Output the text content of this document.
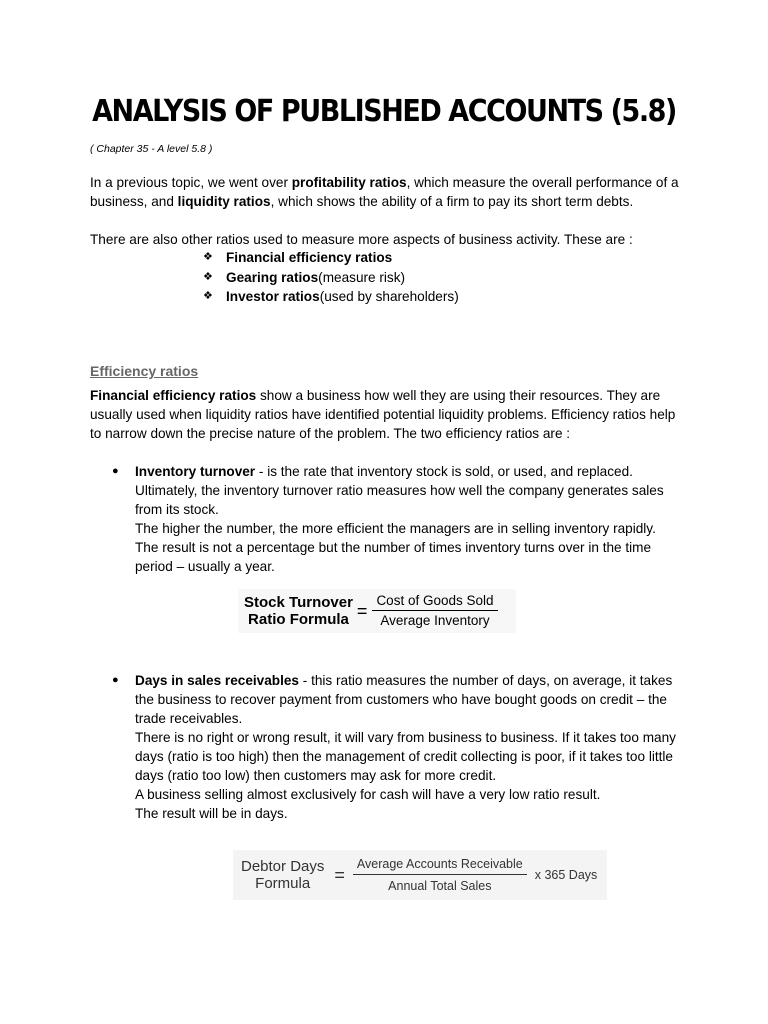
ANALYSIS OF PUBLISHED ACCOUNTS (5.8)
( Chapter 35 - A level 5.8 )
In a previous topic, we went over profitability ratios, which measure the overall performance of a business, and liquidity ratios, which shows the ability of a firm to pay its short term debts.
There are also other ratios used to measure more aspects of business activity. These are :
❖ Financial efficiency ratios
❖ Gearing ratios (measure risk)
❖ Investor ratios (used by shareholders)
Efficiency ratios
Financial efficiency ratios show a business how well they are using their resources. They are usually used when liquidity ratios have identified potential liquidity problems. Efficiency ratios help to narrow down the precise nature of the problem. The two efficiency ratios are :
● Inventory turnover - is the rate that inventory stock is sold, or used, and replaced. Ultimately, the inventory turnover ratio measures how well the company generates sales from its stock.
The higher the number, the more efficient the managers are in selling inventory rapidly.
The result is not a percentage but the number of times inventory turns over in the time period – usually a year.
Stock Turnover
Ratio Formula = $\frac{\text{Cost of Goods Sold}}{\text{Average Inventory}}$
● Days in sales receivables - this ratio measures the number of days, on average, it takes the business to recover payment from customers who have bought goods on credit – the trade receivables.
There is no right or wrong result, it will vary from business to business. If it takes too many days (ratio is too high) then the management of credit collecting is poor, if it takes too little days (ratio too low) then customers may ask for more credit.
A business selling almost exclusively for cash will have a very low ratio result.
The result will be in days.
Debtor Days
Formula	= $\frac{\text{Average Accounts Receivable}}{\text{Annual Total Sales}}$ x 365 Days
